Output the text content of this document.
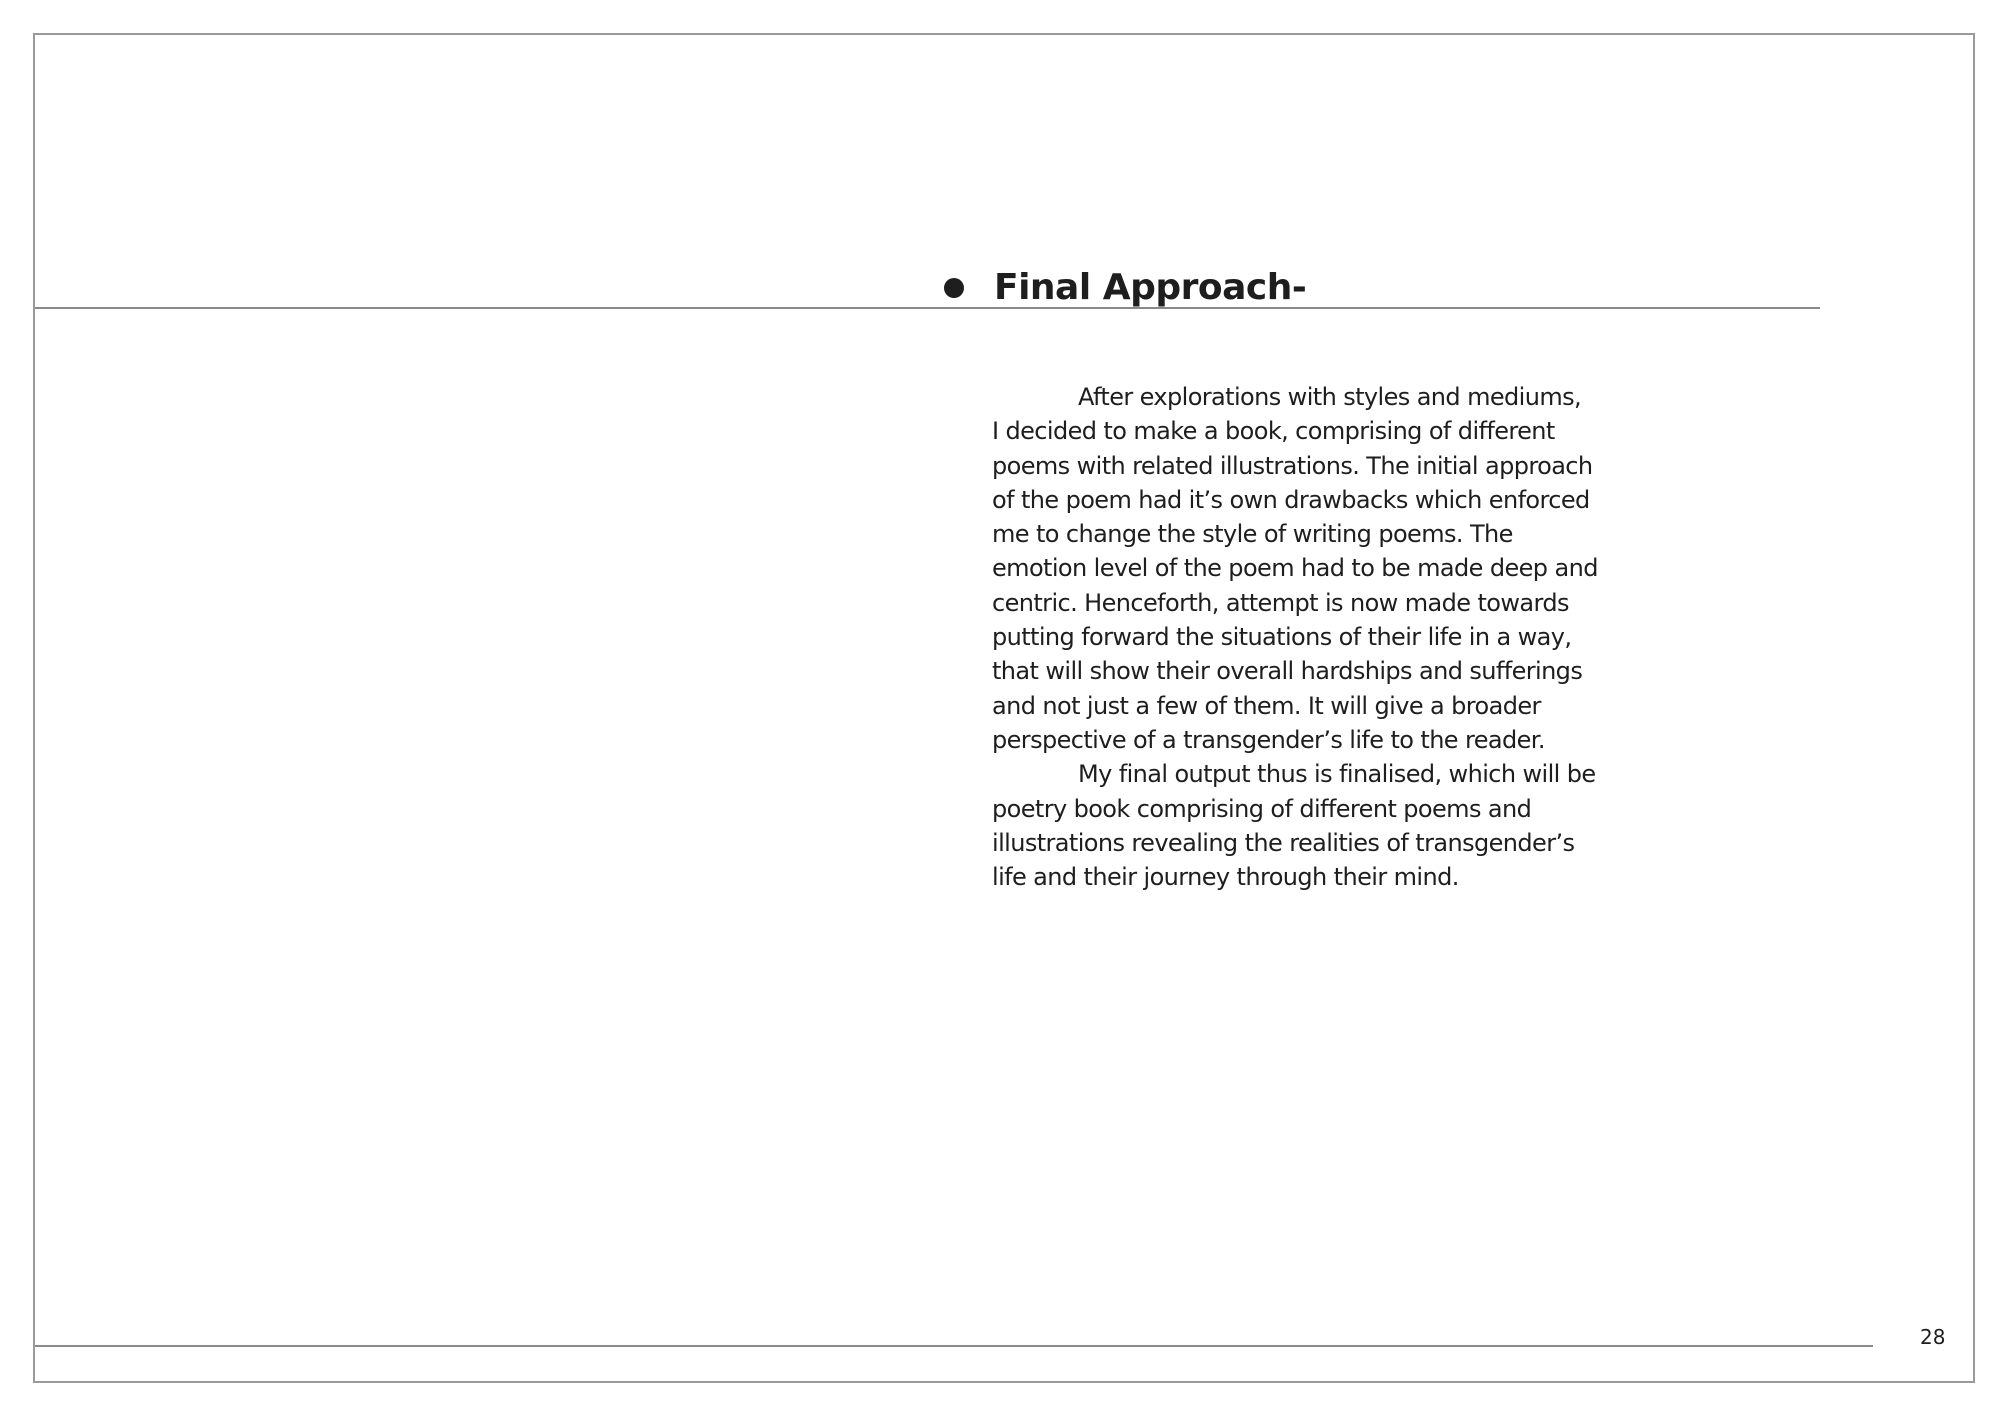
Final Approach-
After explorations with styles and mediums,
I decided to make a book, comprising of different
poems with related illustrations. The initial approach
of the poem had it’s own drawbacks which enforced
me to change the style of writing poems. The
emotion level of the poem had to be made deep and
centric. Henceforth, attempt is now made towards
putting forward the situations of their life in a way,
that will show their overall hardships and sufferings
and not just a few of them. It will give a broader
perspective of a transgender’s life to the reader.
My final output thus is finalised, which will be
poetry book comprising of different poems and
illustrations revealing the realities of transgender’s
life and their journey through their mind.
28
